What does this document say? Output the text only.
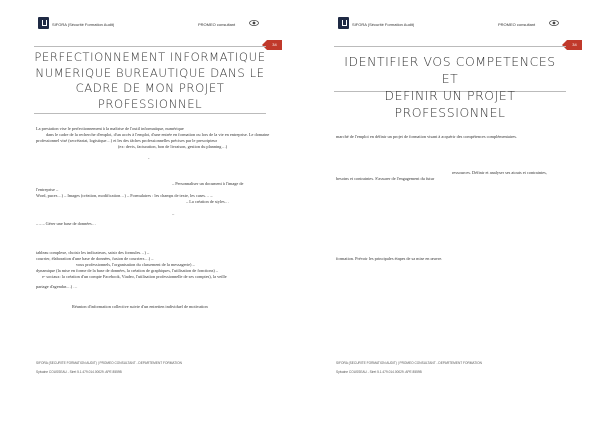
SIFORA (Sécurité Formation Audit)	PROMEO consultant
34
PERFECTIONNEMENT INFORMATIQUE
NUMERIQUE BUREAUTIQUE DANS LE
CADRE DE MON PROJET
PROFESSIONNEL
La prestation vise le perfectionnement à la maîtrise de l'outil informatique, numérique
dans le cadre de la recherche d'emploi, d'un accès à l'emploi, d'une entrée en formation ou lors de la vie en entreprise. Le domaine
professionnel visé (secrétariat, logistique…) et les des tâches professionnelles précises par le prescripteur
(ex: devis, facturation, bon de livraison, gestion du planning…)
-
– Personnaliser un document à l'image de
l'entreprise –
Word, puces…) – Images (création, modification…) – Formulaires : les champs de texte, les cases… –
– La création de styles…
–
– – – Gérer une base de données…
tableau complexe, choisir les indicateurs, saisir des formules…) –
courrier, élaboration d'une base de données, fusion de courriers…) –
vous professionnels, l'organisation du classement de la messagerie) –
dynamique (la mise en forme de la base de données, la création de graphiques, l'utilisation de fonctions) –
e- sociaux: la création d'un compte Facebook, Viadeo, l'utilisation professionnelle de ses comptes), la veille
partage d'agendas…) …
Réunion d'information collective suivie d'un entretien individuel de motivation
SIFORA (SECURITE FORMATION AUDIT) | PROMEO CONSULTANT - DEPARTEMENT FORMATION
Sylvaine COUSSEAU - Siret 5.1.479.014.00029. APE 8559B
SIFORA (Sécurité Formation Audit)	PROMEO consultant
34
IDENTIFIER VOS COMPETENCES ET
DEFINIR UN PROJET PROFESSIONNEL
marché de l'emploi en définir un projet de formation visant à acquérir des compétences complémentaires.
ressources. Définir et analyser ses atouts et contraintes,
besoins et contraintes. S'assurer de l'engagement du futur
formation. Prévoir les principales étapes de sa mise en œuvre.
SIFORA (SECURITE FORMATION AUDIT) | PROMEO CONSULTANT - DEPARTEMENT FORMATION
Sylvaine COUSSEAU - Siret 5.1.479.014.00029. APE 8559B
